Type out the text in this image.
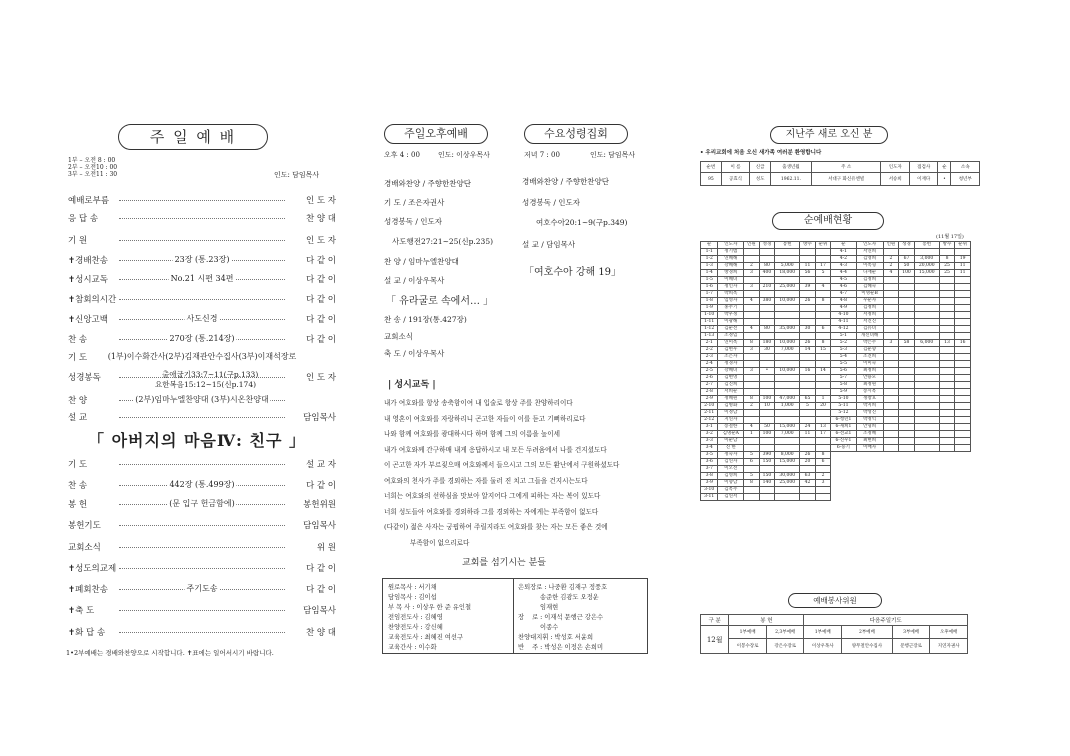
주 일 예 배
1부 – 오전 8 : 00
2부 – 오전10 : 00
3부 – 오전11 : 30	인도: 담임목사
예배로부름	인 도 자
응 답 송	찬 양 대
기 원	인 도 자
✝경배찬송	23장 (통.23장)	다 같 이
✝성시교독	No.21 시편 34편	다 같 이
✝참회의시간	다 같 이
✝신앙고백	사도신경	다 같 이
찬 송	270장 (통.214장)	다 같 이
기 도	(1부)이수화간사(2부)김재관안수집사(3부)이재석장로
성경봉독	인 도 자
찬 양	(2부)임마누엘찬양대 (3부)시온찬양대
설 교	담임목사
출애굽기33:7~11(구p.133)
요한복음15:12~15(신p.174)
「 아버지의 마음Ⅳ: 친구 」
기 도	설 교 자
찬 송	442장 (통.499장)	다 같 이
봉 헌	(문 입구 헌금함에)	봉헌위원
봉헌기도	담임목사
교회소식	위 원
✝성도의교제	다 같 이
✝폐회찬송	주기도송	다 같 이
✝축 도	담임목사
✝화 답 송	찬 양 대
1•2부예배는 경배와찬양으로 시작합니다. ✝표에는 일어서시기 바랍니다.
주일오후예배
오후 4 : 00	인도: 이상우목사
경배와찬양 / 주향한찬양단
기 도 / 조은자권사
성경봉독 / 인도자
사도행전27:21~25(신p.235)
찬 양 / 임마누엘찬양대
설 교 / 이상우목사
「 유라굴로 속에서… 」
찬 송 / 191장(통.427장)
교회소식
축 도 / 이상우목사
수요성령집회
저녁 7 : 00	인도: 담임목사
경배와찬양 / 주향한찬양단
성경봉독 / 인도자
여호수아20:1~9(구p.349)
설 교 / 담임목사
「여호수아 강해 19」
| 성시교독 |
내가 여호와를 항상 송축함이여 내 입술로 항상 주를 찬양하리이다
내 영혼이 여호와를 자랑하리니 곤고한 자들이 이를 듣고 기뻐하리로다
나와 함께 여호와를 광대하시다 하며 함께 그의 이름을 높이세
내가 여호와께 간구하매 내게 응답하시고 내 모든 두려움에서 나를 건지셨도다
이 곤고한 자가 부르짖으매 여호와께서 들으시고 그의 모든 환난에서 구원하셨도다
여호와의 천사가 주를 경외하는 자를 둘러 진 치고 그들을 건지시는도다
너희는 여호와의 선하심을 맛보아 알지어다 그에게 피하는 자는 복이 있도다
너희 성도들아 여호와를 경외하라 그를 경외하는 자에게는 부족함이 없도다
(다같이) 젊은 사자는 궁핍하여 주릴지라도 여호와를 찾는 자는 모든 좋은 것에
부족함이 없으리로다
교회를 섬기시는 분들
원로목사 : 서기채
담임목사 : 김이섭
부 목 사 : 이상우 한 준 유인철
전임전도사 : 김혜영
찬양전도사 : 강신혜
교육전도사 : 최혜진 여선구
교육간사 : 이수화
은퇴장로 : 나중환 김재구 정풍호
송준한 김광도 오정운
임재현
장    로 : 이재석 문행근 강은수
이종수
찬양대지휘 : 박성호 서윤희
반    주 : 박성은 이정은 손희미
지난주 새로 오신 분
• 우리교회에 처음 오신 새가족 여러분 환영합니다
순번	이 름	신급	출생년월	주 소	인도자	접검사	순	소속
95	공효식	성도	1962.11.	서대구 화신유엔빌	서승희	이재다	•	청년부
순예배현황
(11월 17일)
순	인도자	인원	성경	봉헌	방수	순위	순	인도자	인원	성경	봉헌	방수	순위
1-1	정기범						4-1	서연희					
1-2	연혜해						4-2	김영희	2	67	3,000	8	19
1-3	강혜해	2	80	5,000	11	17	4-3	이옥형	2	50	20,000	25	11
1-4	방경희	3	400	18,000	56	5	4-4	나재순	4	100	15,000	25	11
1-5	이혜녀						4-5	김정희					
1-6	정인자	3	210	25,000	39	4	4-6	김혜숙					
1-7	박희옥						4-7	이명순B					
1-8	임영자	4	380	10,000	26	8	4-8	우순자					
1-9	홍주기						4-9	김정희					
1-10	박우정						4-10	서정희					
1-11	이광해						4-11	서진진					
1-12	김순선	4	80	35,000	30	6	4-12	김유녀					
1-13	조정임						5-1	개신녀해					
2-1	연미옥	8	180	10,000	26	8	5-2	박은주	3	58	6,000	13	16
2-2	김현우	3	30	7,000	14	15	5-3	김운향					
2-3	조은자						5-4	조진희					
2-4	정경자						5-5	이미숙					
2-5	강혜녀	3	•	10,000	16	14	5-6	최정희					
2-6	김현영						5-7	안용모					
2-7	김진희						5-8	최정원					
2-8	서희순						5-9	송시옥					
2-9	정혜원	8	100	47,000	65	1	5-10	정창호					
2-10	김병화	2	10	1,000	5	20	5-11	박지희					
2-11	이정남						5-12	박성진					
2-12	지연자						6-청년1	박정익					
3-1	송철한	4	50	15,000	24	13	6-새희1	안형희					
3-2	김명순A	1	100	7,000	11	17	6-선교1	조정혜					
3-3	이순남						6-신우1	최현희					
3-4	진 한						6-풍기	이배자					
3-5	정숙자	5	390	8,000	26	8							
3-6	김연자	6	150	15,000	20	6							
3-7	이오선												
3-8	김영희	5	150	30,000	63	2							
3-9	이향남	8	140	25,000	42	3							
3-10	김옥주												
3-11	김연서												
예배봉사위원
구 분	봉 헌		다음주일기도			
12월	1부예배	2,3부예배	1부예배	2부예배	3부예배	오후예배
	이봉수장로	강은수장로	이상우목사	양무철안수집사	문행근장로	지연자권사
